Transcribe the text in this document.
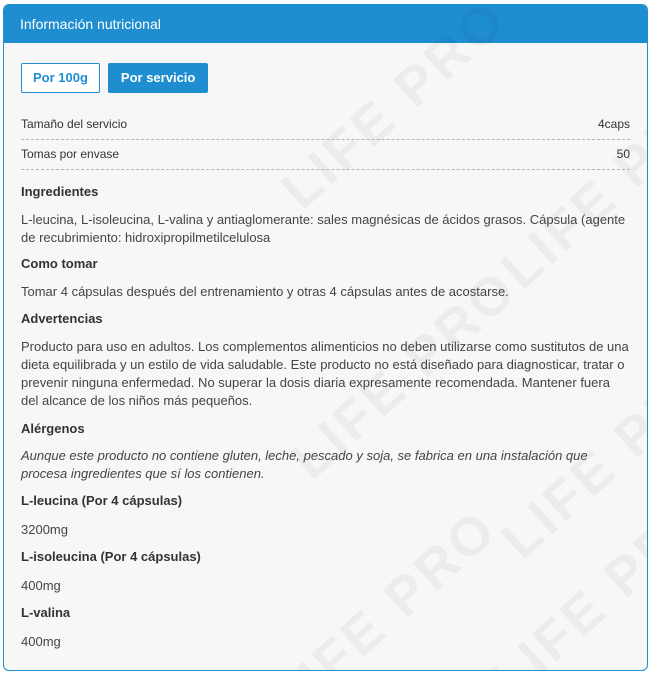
Información nutricional
Por 100g	Por servicio
Tamaño del servicio	4caps
Tomas por envase	50

Ingredientes

L-leucina, L-isoleucina, L-valina y antiaglomerante: sales magnésicas de ácidos grasos. Cápsula (agente de recubrimiento: hidroxipropilmetilcelulosa

Como tomar

Tomar 4 cápsulas después del entrenamiento y otras 4 cápsulas antes de acostarse.

Advertencias

Producto para uso en adultos. Los complementos alimenticios no deben utilizarse como sustitutos de una dieta equilibrada y un estilo de vida saludable. Este producto no está diseñado para diagnosticar, tratar o prevenir ninguna enfermedad. No superar la dosis diaria expresamente recomendada. Mantener fuera del alcance de los niños más pequeños.

Alérgenos

Aunque este producto no contiene gluten, leche, pescado y soja, se fabrica en una instalación que procesa ingredientes que sí los contienen.

L-leucina (Por 4 cápsulas)

3200mg

L-isoleucina (Por 4 cápsulas)

400mg

L-valina

400mg
